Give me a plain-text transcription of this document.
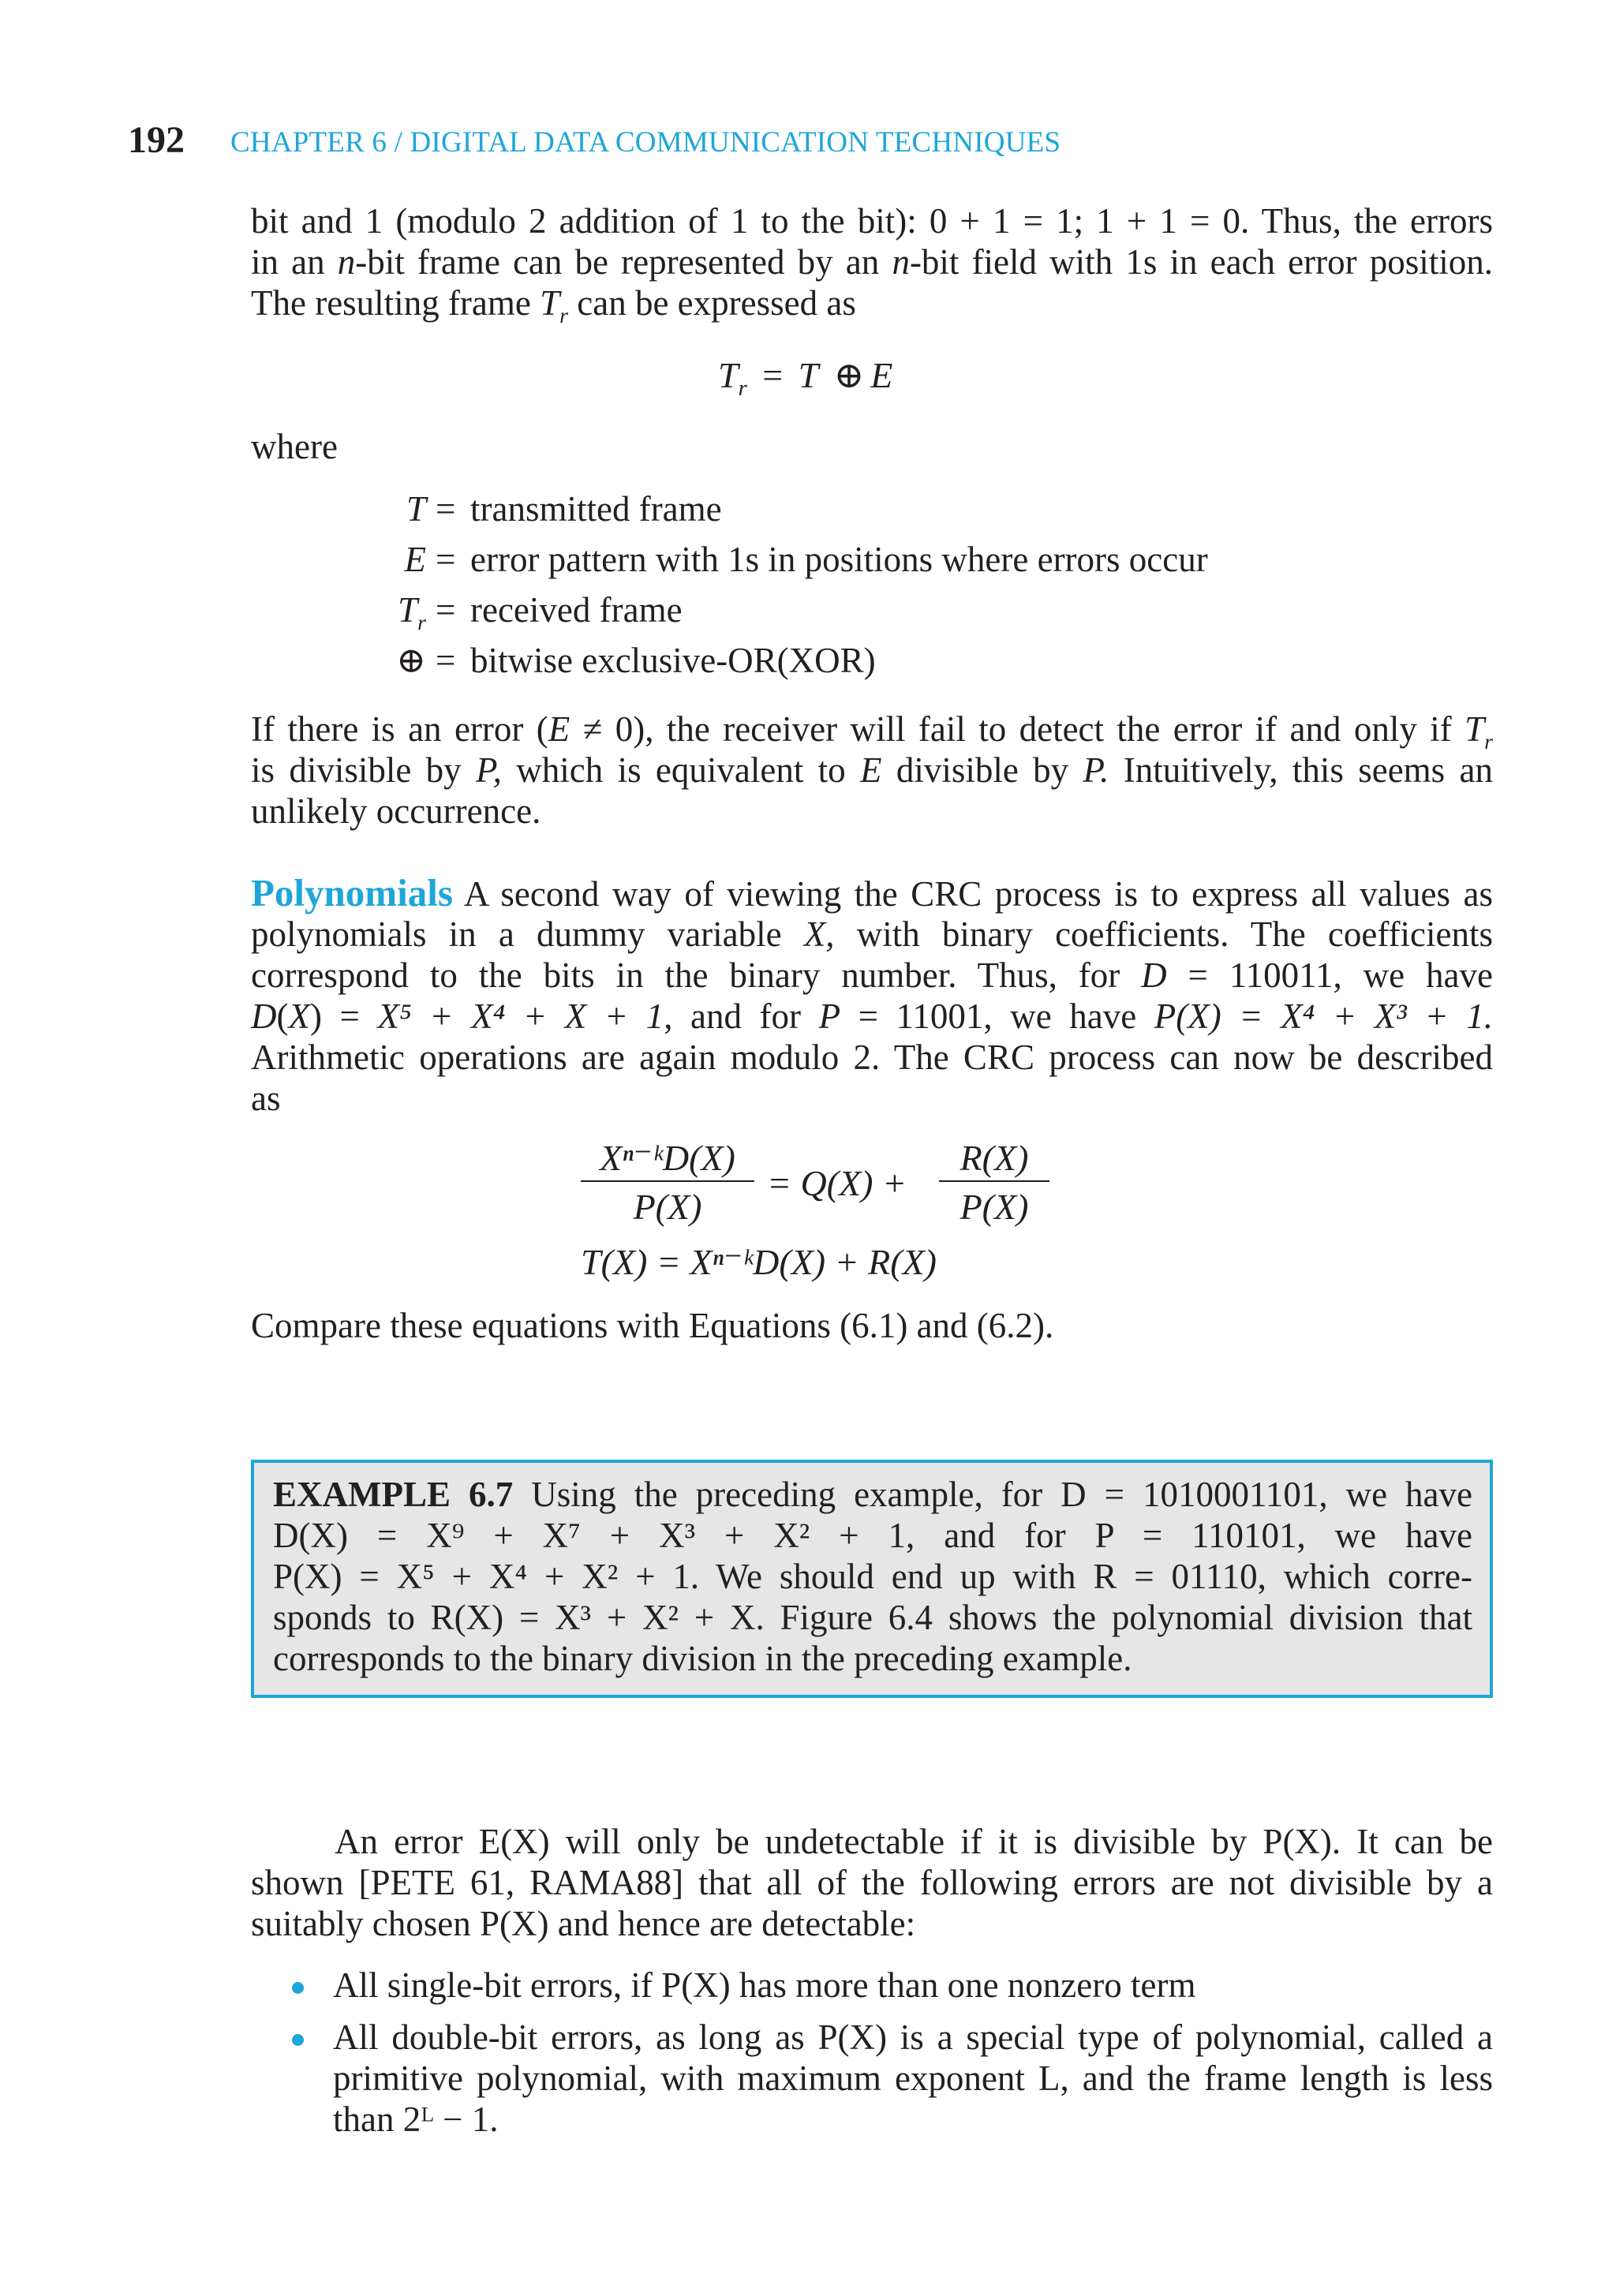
192 CHAPTER 6 / DIGITAL DATA COMMUNICATION TECHNIQUES
bit and 1 (modulo 2 addition of 1 to the bit): 0 + 1 = 1; 1 + 1 = 0. Thus, the errors
in an n-bit frame can be represented by an n-bit field with 1s in each error position.
The resulting frame $T_r$ can be expressed as
$T_r = T$ ⊕ E
where
T = transmitted frame
E = error pattern with 1s in positions where errors occur
$T_r$ = received frame
⊕ = bitwise exclusive-OR(XOR)
If there is an error (E ≠ 0), the receiver will fail to detect the error if and only if $T_r$
is divisible by P, which is equivalent to E divisible by P. Intuitively, this seems an
unlikely occurrence.
Polynomials A second way of viewing the CRC process is to express all values as
polynomials in a dummy variable X, with binary coefficients. The coefficients
correspond to the bits in the binary number. Thus, for D = 110011, we have
D(X) = X⁵ + X⁴ + X + 1, and for P = 11001, we have P(X) = X⁴ + X³ + 1.
Arithmetic operations are again modulo 2. The CRC process can now be described
as
$\frac{\text{Xⁿ⁻ᵏD(X)}}{P(X)} = Q(X) + \frac{R(X)}{P(X)}$
T(X) = Xⁿ⁻ᵏD(X) + R(X)
Compare these equations with Equations (6.1) and (6.2).
EXAMPLE 6.7 Using the preceding example, for D = 1010001101, we have
D(X) = X⁹ + X⁷ + X³ + X² + 1, and for P = 110101, we have
P(X) = X⁵ + X⁴ + X² + 1. We should end up with R = 01110, which corre-
sponds to R(X) = X³ + X² + X. Figure 6.4 shows the polynomial division that
corresponds to the binary division in the preceding example.
An error E(X) will only be undetectable if it is divisible by P(X). It can be
shown [PETE 61, RAMA88] that all of the following errors are not divisible by a
suitably chosen P(X) and hence are detectable:
All single-bit errors, if P(X) has more than one nonzero term
All double-bit errors, as long as P(X) is a special type of polynomial, called a
primitive polynomial, with maximum exponent L, and the frame length is less
than 2ᴸ − 1.
